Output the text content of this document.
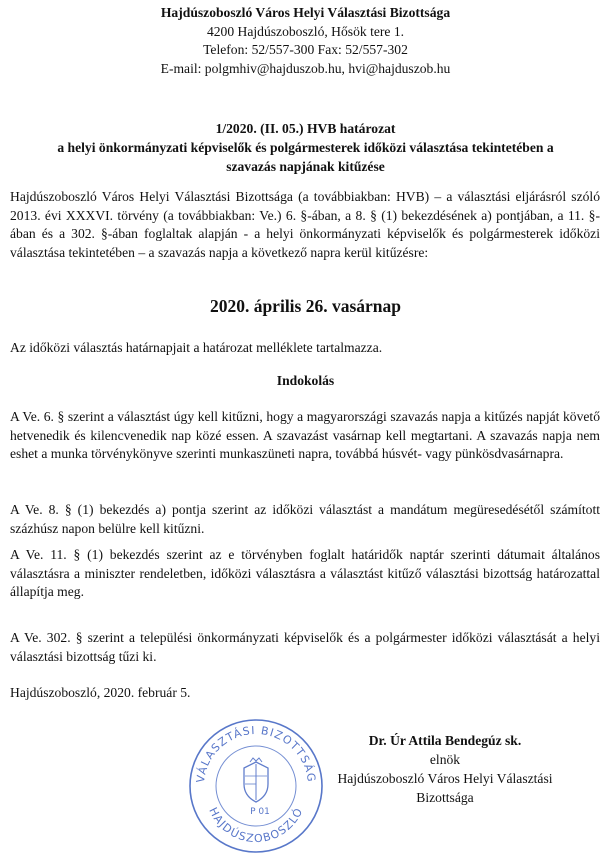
Hajdúszoboszló Város Helyi Választási Bizottsága
4200 Hajdúszoboszló, Hősök tere 1.
Telefon: 52/557-300 Fax: 52/557-302
E-mail: polgmhiv@hajduszob.hu, hvi@hajduszob.hu
1/2020. (II. 05.) HVB határozat
a helyi önkormányzati képviselők és polgármesterek időközi választása tekintetében a
szavazás napjának kitűzése

Hajdúszoboszló Város Helyi Választási Bizottsága (a továbbiakban: HVB) – a választási eljárásról szóló 2013. évi XXXVI. törvény (a továbbiakban: Ve.) 6. §-ában, a 8. § (1) bekezdésének a) pontjában, a 11. §-ában és a 302. §-ában foglaltak alapján - a helyi önkormányzati képviselők és polgármesterek időközi választása tekintetében – a szavazás napja a következő napra kerül kitűzésre:

2020. április 26. vasárnap

Az időközi választás határnapjait a határozat melléklete tartalmazza.

Indokolás

A Ve. 6. § szerint a választást úgy kell kitűzni, hogy a magyarországi szavazás napja a kitűzés napját követő hetvenedik és kilencvenedik nap közé essen. A szavazást vasárnap kell megtartani. A szavazás napja nem eshet a munka törvénykönyve szerinti munkaszüneti napra, továbbá húsvét- vagy pünkösdvasárnapra.

A Ve. 8. § (1) bekezdés a) pontja szerint az időközi választást a mandátum megüresedésétől számított százhúsz napon belülre kell kitűzni.

A Ve. 11. § (1) bekezdés szerint az e törvényben foglalt határidők naptár szerinti dátumait általános választásra a miniszter rendeletben, időközi választásra a választást kitűző választási bizottság határozattal állapítja meg.

A Ve. 302. § szerint a települési önkormányzati képviselők és a polgármester időközi választását a helyi választási bizottság tűzi ki.

Hajdúszoboszló, 2020. február 5.

VÁLASZTÁSI BIZOTTSÁG
HAJDÚSZOBOSZLÓ
P 01
Dr. Úr Attila Bendegúz sk.
elnök
Hajdúszoboszló Város Helyi Választási
Bizottsága
